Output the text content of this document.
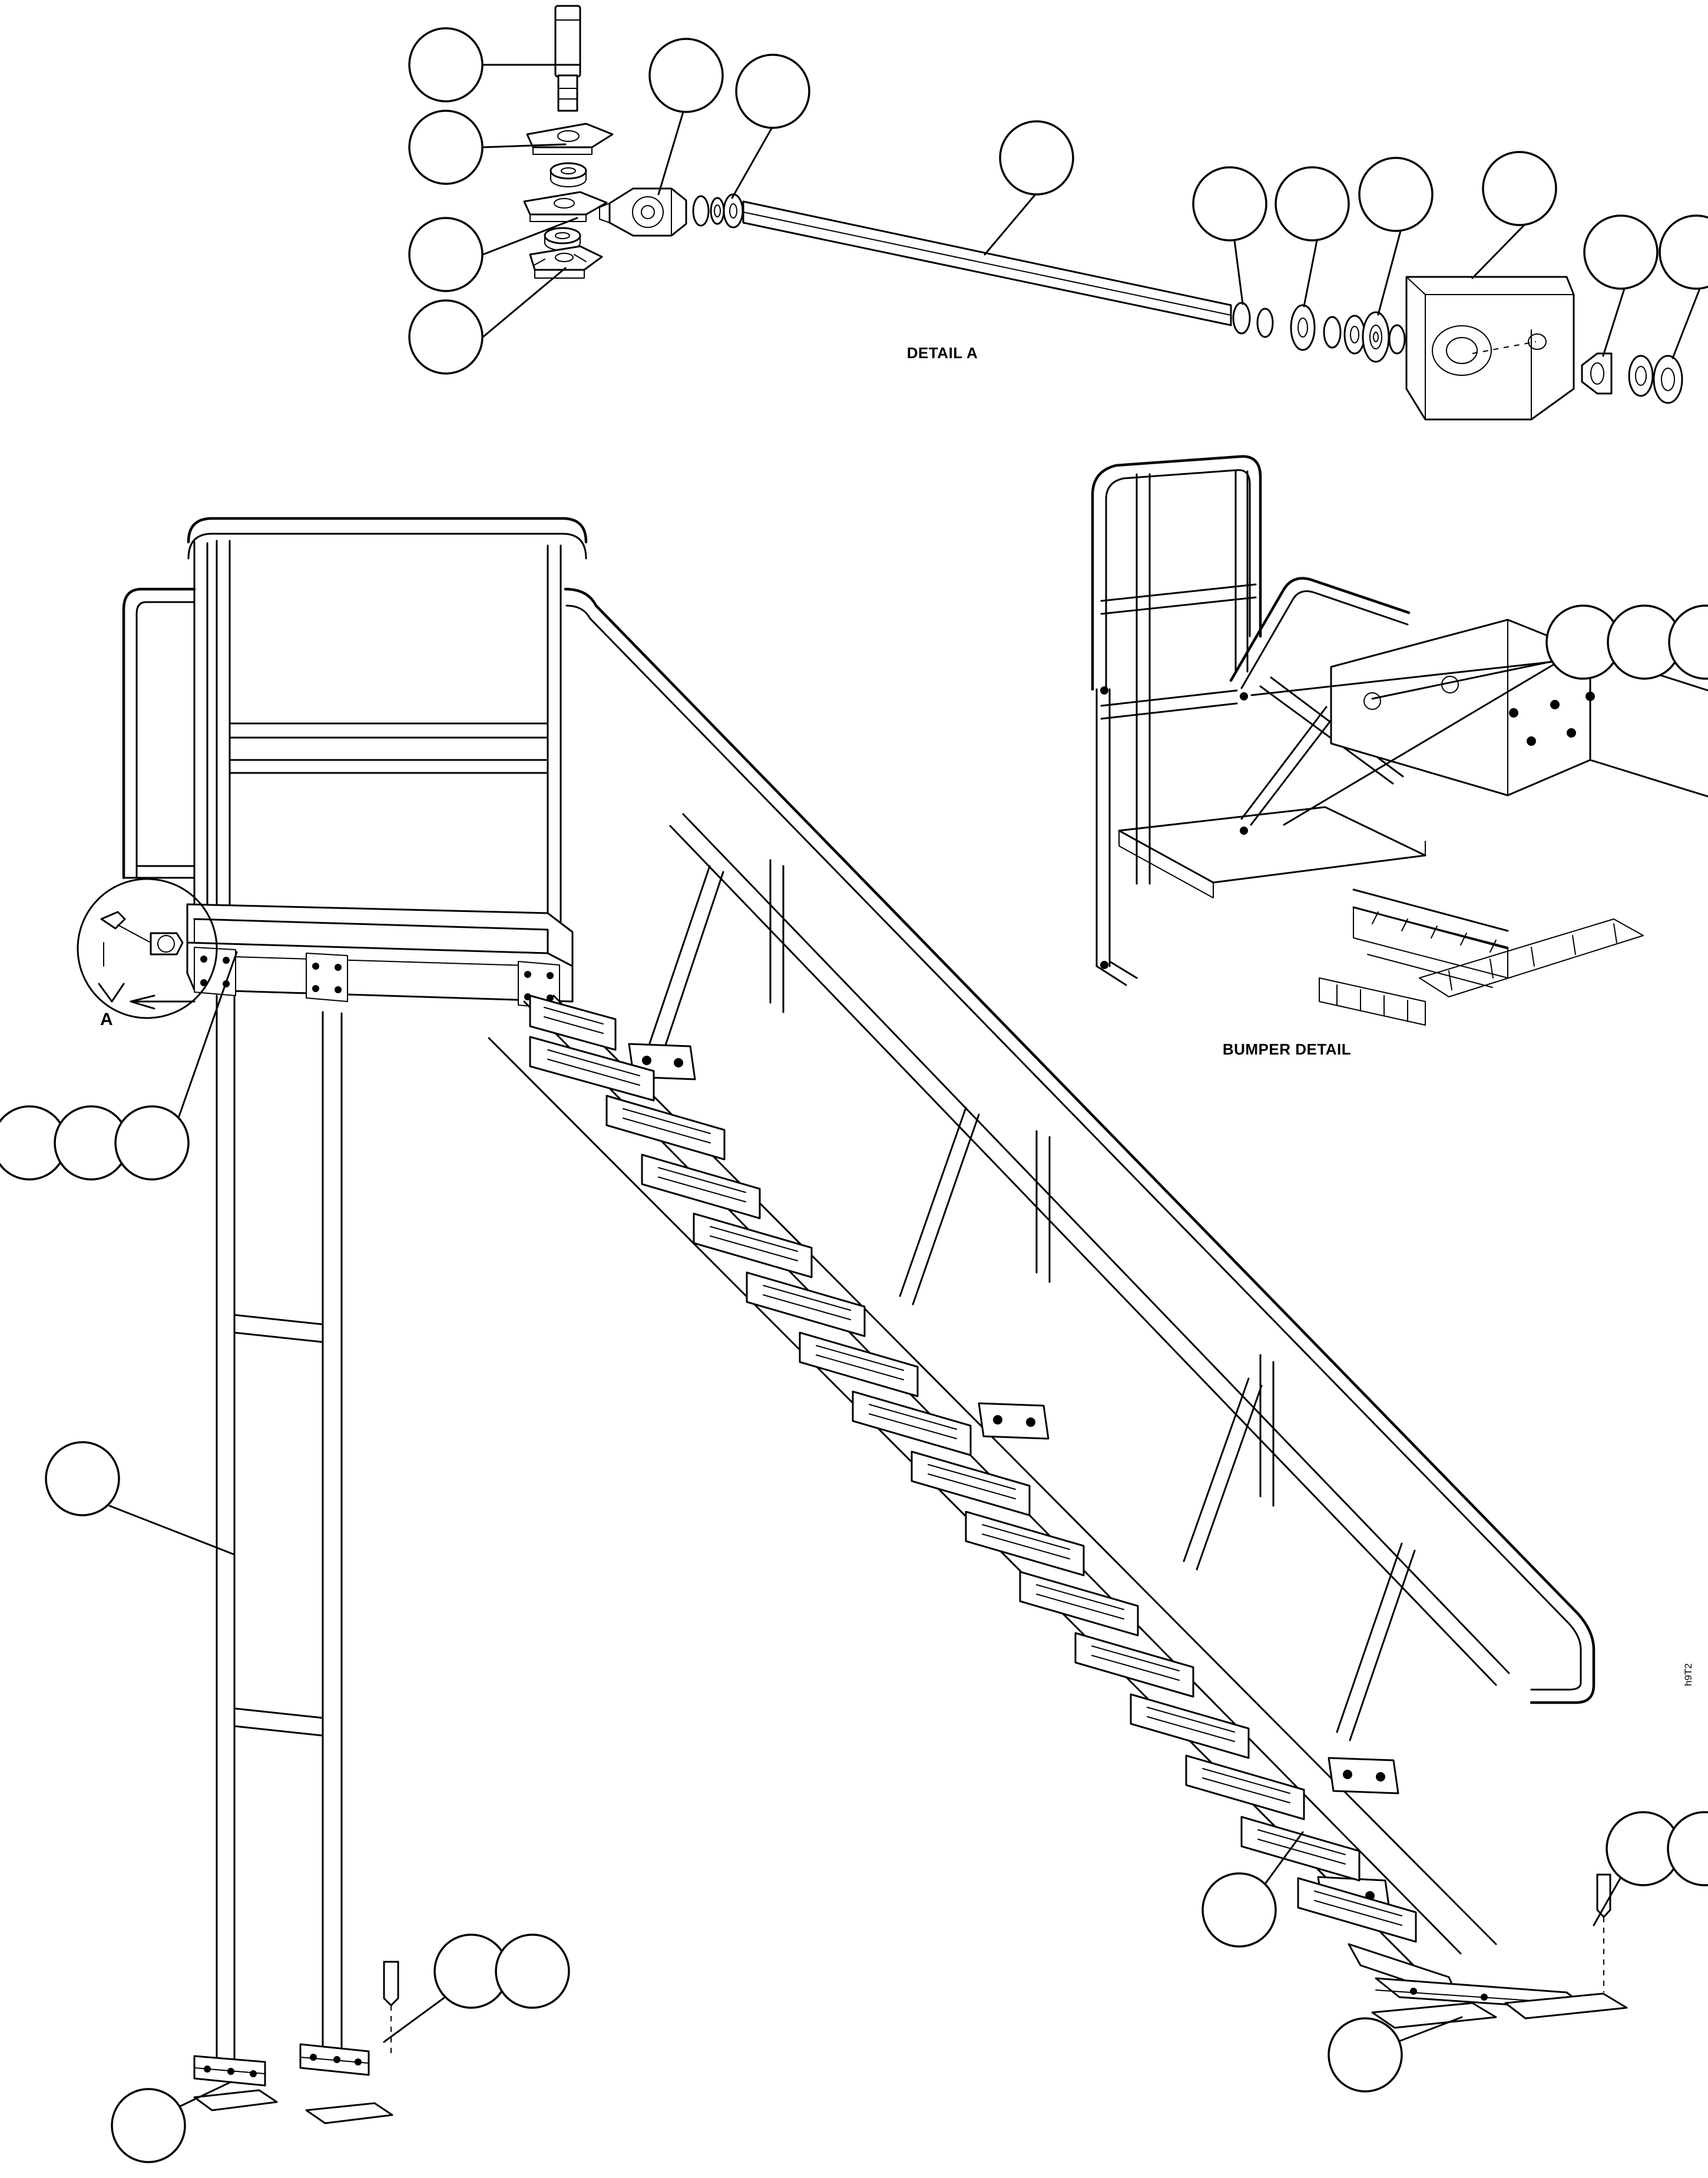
DETAIL A
BUMPER DETAIL
A
h9T2
